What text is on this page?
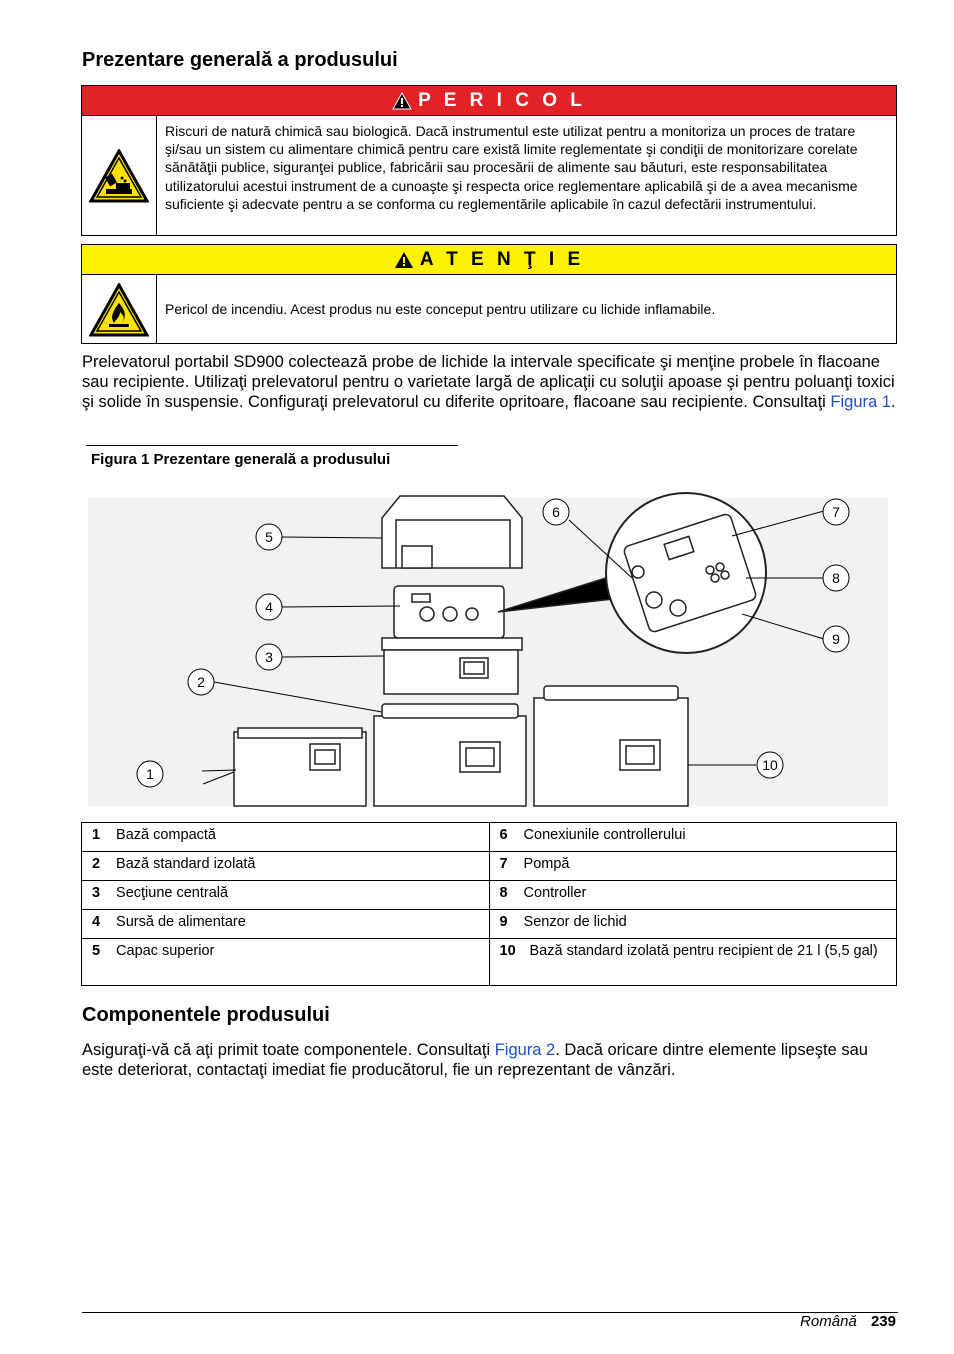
Prezentare generală a produsului
P E R I C O L
Riscuri de natură chimică sau biologică. Dacă instrumentul este utilizat pentru a monitoriza un proces de tratare şi/sau un sistem cu alimentare chimică pentru care există limite reglementate şi condiţii de monitorizare corelate sănătăţii publice, siguranţei publice, fabricării sau procesării de alimente sau băuturi, este responsabilitatea utilizatorului acestui instrument de a cunoaşte şi respecta orice reglementare aplicabilă şi de a avea mecanisme suficiente şi adecvate pentru a se conforma cu reglementările aplicabile în cazul defectării instrumentului.
A T E N Ţ I E
Pericol de incendiu. Acest produs nu este conceput pentru utilizare cu lichide inflamabile.
Prelevatorul portabil SD900 colectează probe de lichide la intervale specificate şi menţine probele în flacoane sau recipiente. Utilizaţi prelevatorul pentru o varietate largă de aplicaţii cu soluţii apoase şi pentru poluanţi toxici şi solide în suspensie. Configuraţi prelevatorul cu diferite opritoare, flacoane sau recipiente. Consultaţi Figura 1.
Figura 1 Prezentare generală a produsului
1
2
3
4
5
6	7
8
9
10
1 Bază compactă	6 Conexiunile controllerului
2 Bază standard izolată	7 Pompă
3 Secţiune centrală	8 Controller
4 Sursă de alimentare	9 Senzor de lichid
5 Capac superior	10 Bază standard izolată pentru recipient de 21 l (5,5 gal)
Componentele produsului
Asiguraţi-vă că aţi primit toate componentele. Consultaţi Figura 2. Dacă oricare dintre elemente lipseşte sau este deteriorat, contactaţi imediat fie producătorul, fie un reprezentant de vânzări.
Română 239
